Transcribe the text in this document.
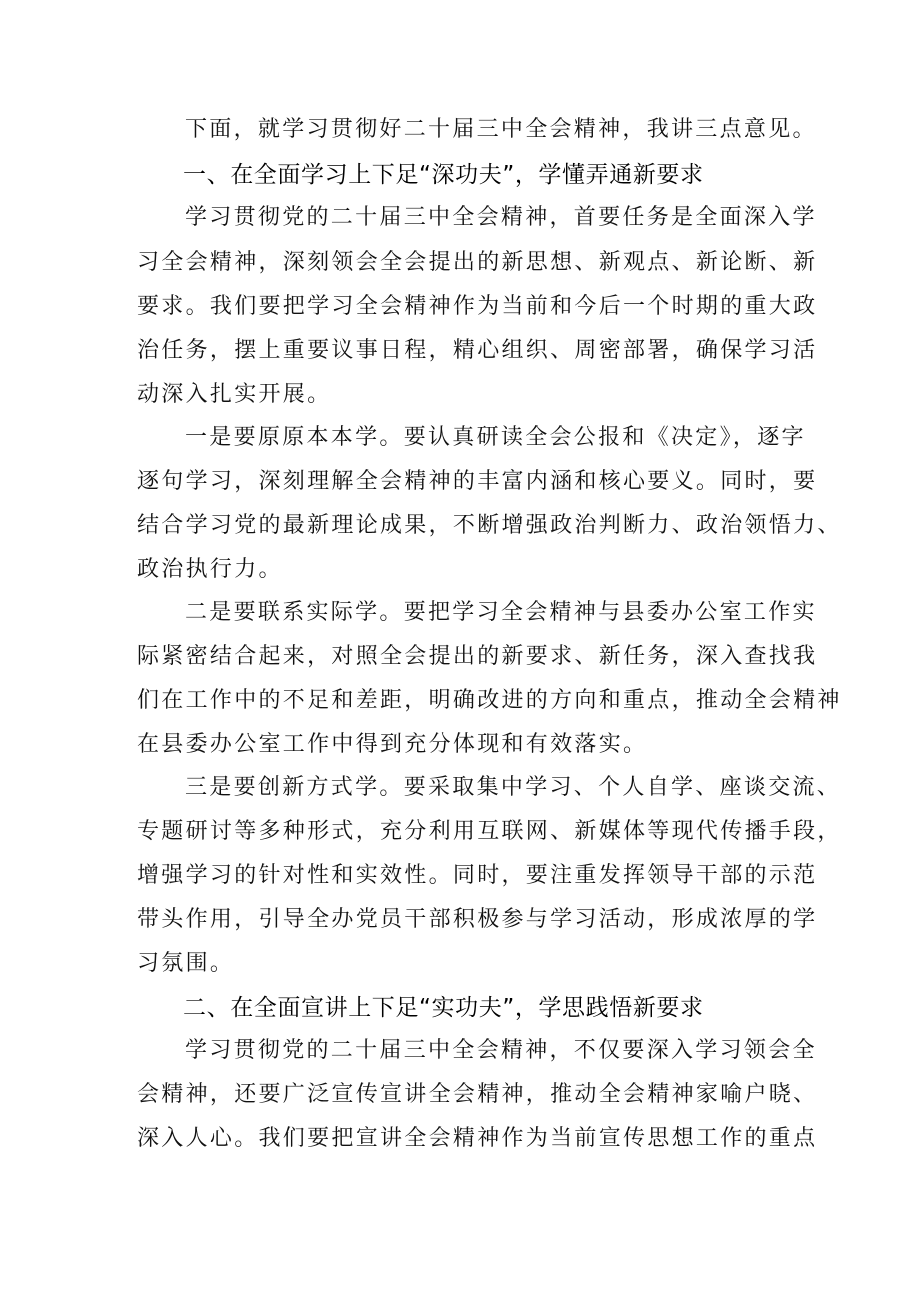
下面，就学习贯彻好二十届三中全会精神，我讲三点意见。
一、在全面学习上下足“深功夫”，学懂弄通新要求
学习贯彻党的二十届三中全会精神，首要任务是全面深入学
习全会精神，深刻领会全会提出的新思想、新观点、新论断、新
要求。我们要把学习全会精神作为当前和今后一个时期的重大政
治任务，摆上重要议事日程，精心组织、周密部署，确保学习活
动深入扎实开展。
一是要原原本本学。要认真研读全会公报和《决定》，逐字
逐句学习，深刻理解全会精神的丰富内涵和核心要义。同时，要
结合学习党的最新理论成果，不断增强政治判断力、政治领悟力、
政治执行力。
二是要联系实际学。要把学习全会精神与县委办公室工作实
际紧密结合起来，对照全会提出的新要求、新任务，深入查找我
们在工作中的不足和差距，明确改进的方向和重点，推动全会精神
在县委办公室工作中得到充分体现和有效落实。
三是要创新方式学。要采取集中学习、个人自学、座谈交流、
专题研讨等多种形式，充分利用互联网、新媒体等现代传播手段，
增强学习的针对性和实效性。同时，要注重发挥领导干部的示范
带头作用，引导全办党员干部积极参与学习活动，形成浓厚的学
习氛围。
二、在全面宣讲上下足“实功夫”，学思践悟新要求
学习贯彻党的二十届三中全会精神，不仅要深入学习领会全
会精神，还要广泛宣传宣讲全会精神，推动全会精神家喻户晓、
深入人心。我们要把宣讲全会精神作为当前宣传思想工作的重点
